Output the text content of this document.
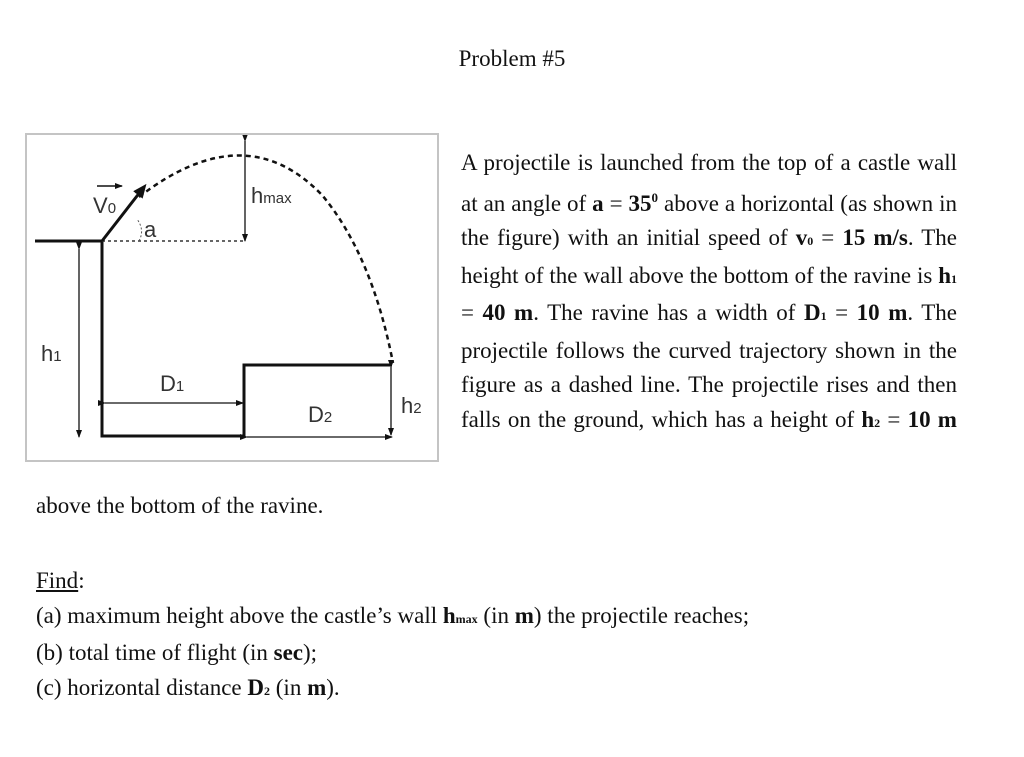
Problem #5
V0
a
hmax
h1
D1
D2	h2
A projectile is launched from the top of a castle wall at an angle of $a = 35^0$ above a horizontal (as shown in the figure) with an initial speed of v0 = 15 m/s. The height of the wall above the bottom of the ravine is h1 = 40 m. The ravine has a width of D1 = 10 m. The projectile follows the curved trajectory shown in the figure as a dashed line. The projectile rises and then falls on the ground, which has a height of h2 = 10 m
above the bottom of the ravine.
Find:
(a) maximum height above the castle’s wall hmax (in m) the projectile reaches;
(b) total time of flight (in sec);
(c) horizontal distance D2 (in m).
